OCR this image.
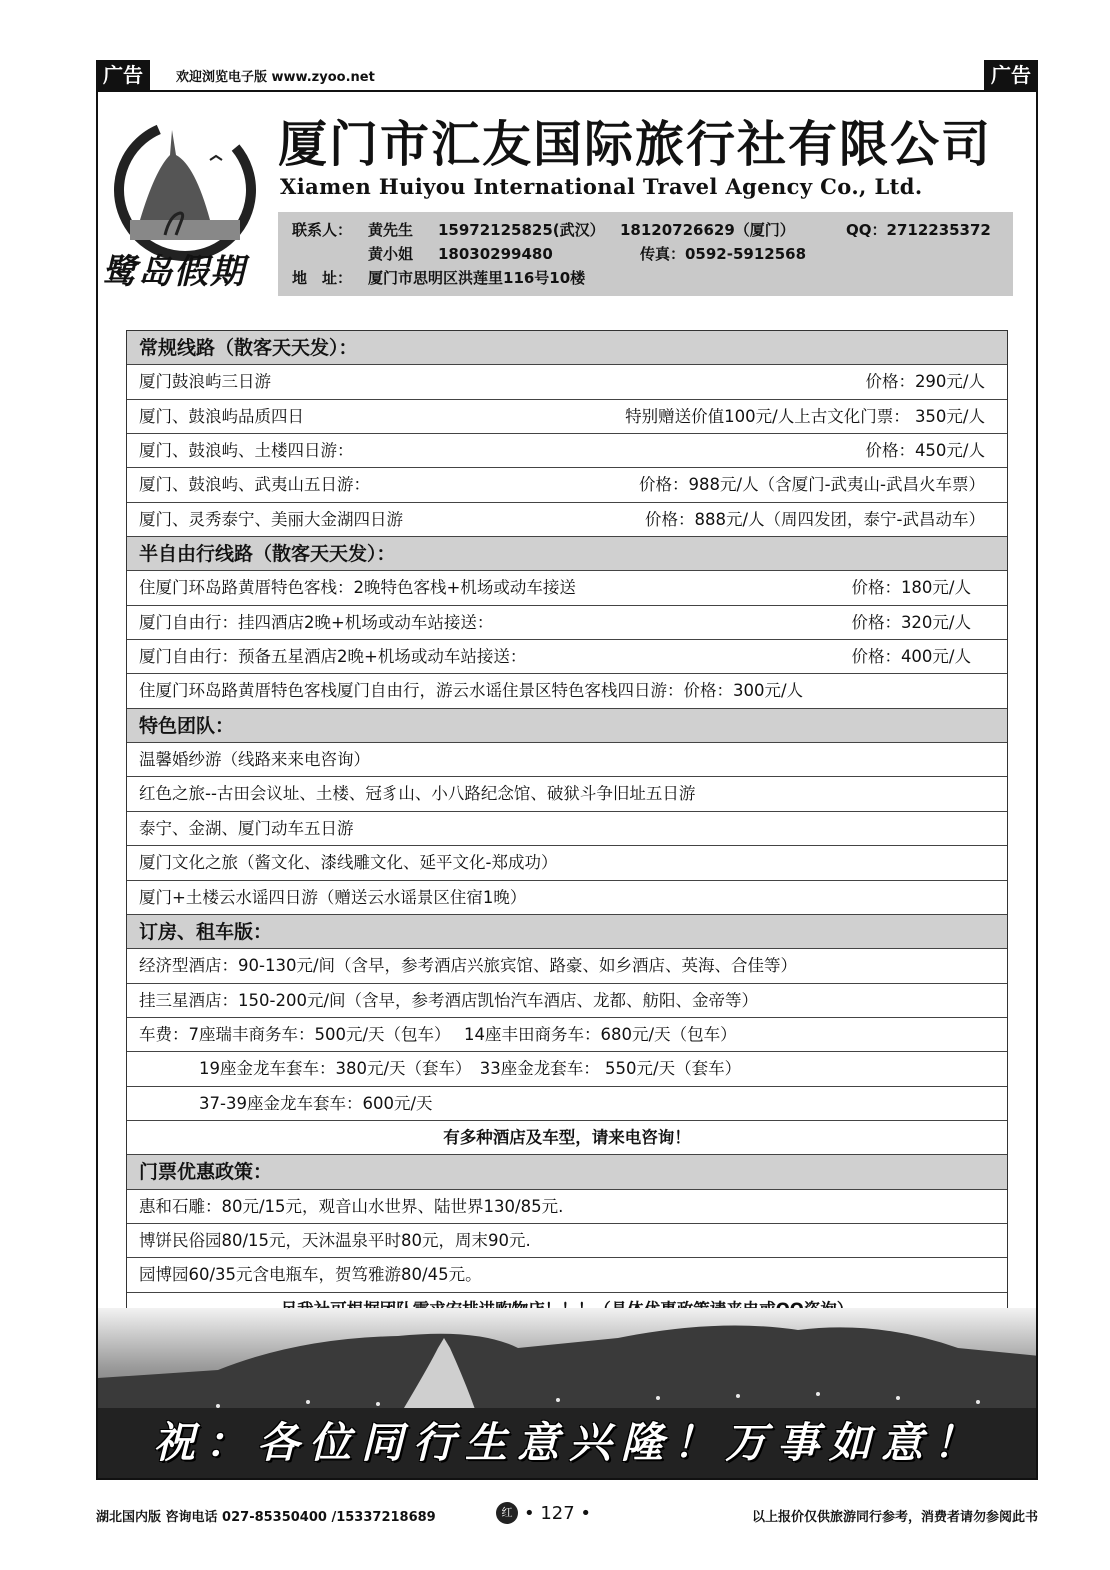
广告	欢迎浏览电子版 www.zyoo.net	广告
鹭岛假期
厦门市汇友国际旅行社有限公司
Xiamen Huiyou International Travel Agency Co., Ltd.
联系人： 黄先生 15972125825(武汉） 18120726629（厦门）	QQ：2712235372
黄小姐 18030299480	传真：0592-5912568
地　址： 厦门市思明区洪莲里116号10楼
常规线路（散客天天发）：
厦门鼓浪屿三日游	价格：290元/人
厦门、鼓浪屿品质四日	特别赠送价值100元/人上古文化门票： 350元/人
厦门、鼓浪屿、土楼四日游：	价格：450元/人
厦门、鼓浪屿、武夷山五日游：	价格：988元/人（含厦门-武夷山-武昌火车票）
厦门、灵秀泰宁、美丽大金湖四日游	价格：888元/人（周四发团，泰宁-武昌动车）
半自由行线路（散客天天发）：
住厦门环岛路黄厝特色客栈：2晚特色客栈+机场或动车接送	价格：180元/人
厦门自由行：挂四酒店2晚+机场或动车站接送：	价格：320元/人
厦门自由行：预备五星酒店2晚+机场或动车站接送：	价格：400元/人
住厦门环岛路黄厝特色客栈厦门自由行，游云水谣住景区特色客栈四日游：价格：300元/人
特色团队：
温馨婚纱游（线路来来电咨询）
红色之旅--古田会议址、土楼、冠豸山、小八路纪念馆、破狱斗争旧址五日游
泰宁、金湖、厦门动车五日游
厦门文化之旅（酱文化、漆线雕文化、延平文化-郑成功）
厦门+土楼云水谣四日游（赠送云水谣景区住宿1晚）
订房、租车版：
经济型酒店：90-130元/间（含早，参考酒店兴旅宾馆、路豪、如乡酒店、英海、合佳等）
挂三星酒店：150-200元/间（含早，参考酒店凯怡汽车酒店、龙都、舫阳、金帝等）
车费：7座瑞丰商务车：500元/天（包车）　 14座丰田商务车：680元/天（包车）
19座金龙车套车：380元/天（套车）　33座金龙套车： 550元/天（套车）
37-39座金龙车套车：600元/天
有多种酒店及车型，请来电咨询！
门票优惠政策：
惠和石雕：80元/15元，观音山水世界、陆世界130/85元.
博饼民俗园80/15元，天沐温泉平时80元，周末90元.
园博园60/35元含电瓶车，贺笃雅游80/45元。
祝：各位同行生意兴隆！万事如意！
湖北国内版 咨询电话 027-85350400 /15337218689	红 • 127 •	以上报价仅供旅游同行参考，消费者请勿参阅此书
